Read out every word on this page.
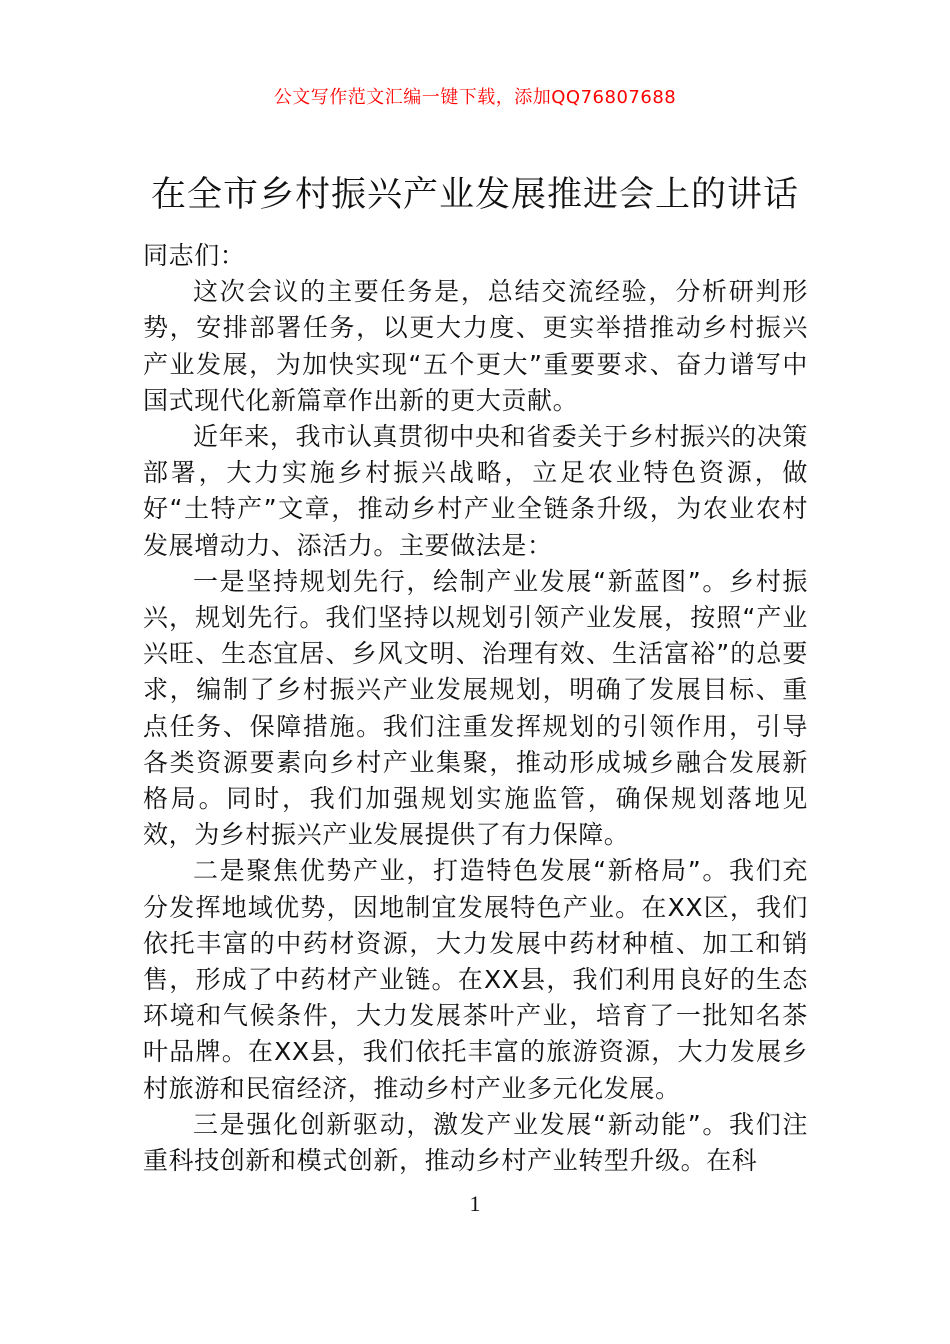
公文写作范文汇编一键下载，添加QQ76807688
在全市乡村振兴产业发展推进会上的讲话

同志们：

这次会议的主要任务是，总结交流经验，分析研判形势，安排部署任务，以更大力度、更实举措推动乡村振兴产业发展，为加快实现“五个更大”重要要求、奋力谱写中国式现代化新篇章作出新的更大贡献。

近年来，我市认真贯彻中央和省委关于乡村振兴的决策部署，大力实施乡村振兴战略，立足农业特色资源，做好“土特产”文章，推动乡村产业全链条升级，为农业农村发展增动力、添活力。主要做法是：

一是坚持规划先行，绘制产业发展“新蓝图”。乡村振兴，规划先行。我们坚持以规划引领产业发展，按照“产业兴旺、生态宜居、乡风文明、治理有效、生活富裕”的总要求，编制了乡村振兴产业发展规划，明确了发展目标、重点任务、保障措施。我们注重发挥规划的引领作用，引导各类资源要素向乡村产业集聚，推动形成城乡融合发展新格局。同时，我们加强规划实施监管，确保规划落地见效，为乡村振兴产业发展提供了有力保障。

二是聚焦优势产业，打造特色发展“新格局”。我们充分发挥地域优势，因地制宜发展特色产业。在XX区，我们依托丰富的中药材资源，大力发展中药材种植、加工和销售，形成了中药材产业链。在XX县，我们利用良好的生态环境和气候条件，大力发展茶叶产业，培育了一批知名茶叶品牌。在XX县，我们依托丰富的旅游资源，大力发展乡村旅游和民宿经济，推动乡村产业多元化发展。

三是强化创新驱动，激发产业发展“新动能”。我们注重科技创新和模式创新，推动乡村产业转型升级。在科

1
